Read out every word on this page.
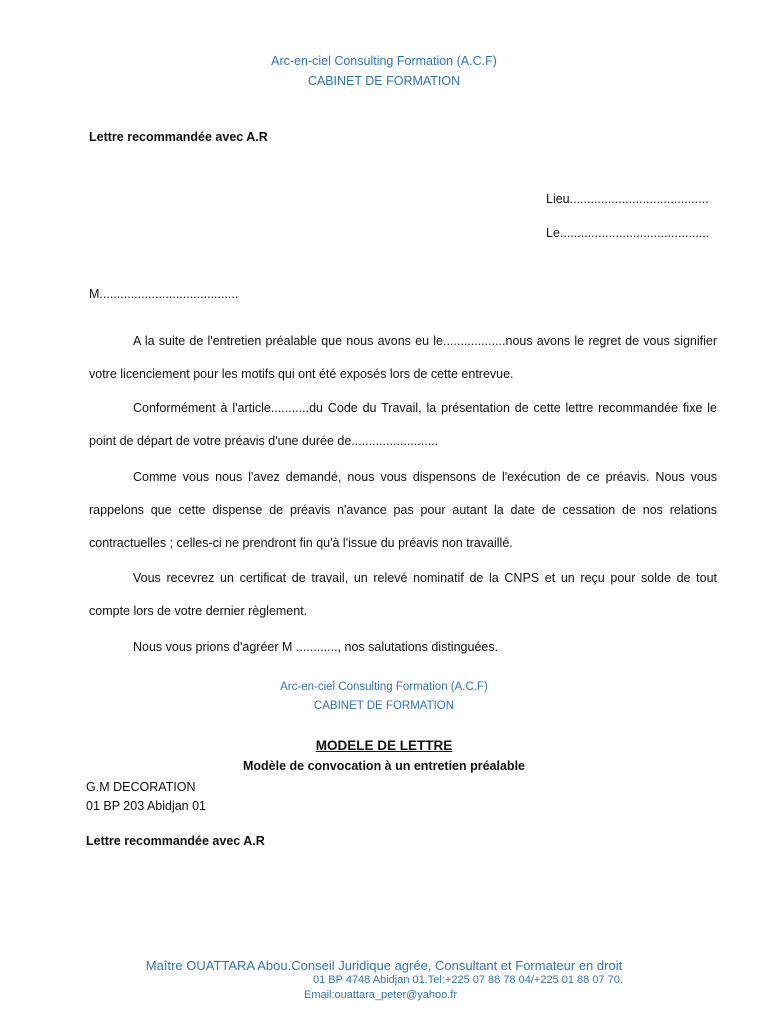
Arc-en-ciel Consulting Formation (A.C.F)
CABINET DE FORMATION
Lettre recommandée avec A.R
Lieu........................................
Le...........................................
M........................................
A la suite de l'entretien préalable que nous avons eu le..................nous avons le regret de vous signifier votre licenciement pour les motifs qui ont été exposés lors de cette entrevue.
Conformément à l'article...........du Code du Travail, la présentation de cette lettre recommandée fixe le point de départ de votre préavis d'une durée de.........................
Comme vous nous l'avez demandé, nous vous dispensons de l'exécution de ce préavis. Nous vous rappelons que cette dispense de préavis n'avance pas pour autant la date de cessation de nos relations contractuelles ; celles-ci ne prendront fin qu'à l'issue du préavis non travaillé.
Vous recevrez un certificat de travail, un relevé nominatif de la CNPS et un reçu pour solde de tout compte lors de votre dernier règlement.
Nous vous prions d'agréer M ............, nos salutations distinguées.
Arc-en-ciel Consulting Formation (A.C.F)
CABINET DE FORMATION
MODELE DE LETTRE
Modèle de convocation à un entretien préalable
G.M DECORATION
01 BP 203 Abidjan 01
Lettre recommandée avec A.R
Maître OUATTARA Abou.Conseil Juridique agrée, Consultant et Formateur en droit
01 BP 4748 Abidjan 01.Tel:+225 07 88 78 04/+225 01 88 07 70.
Email:ouattara_peter@yahoo.fr
